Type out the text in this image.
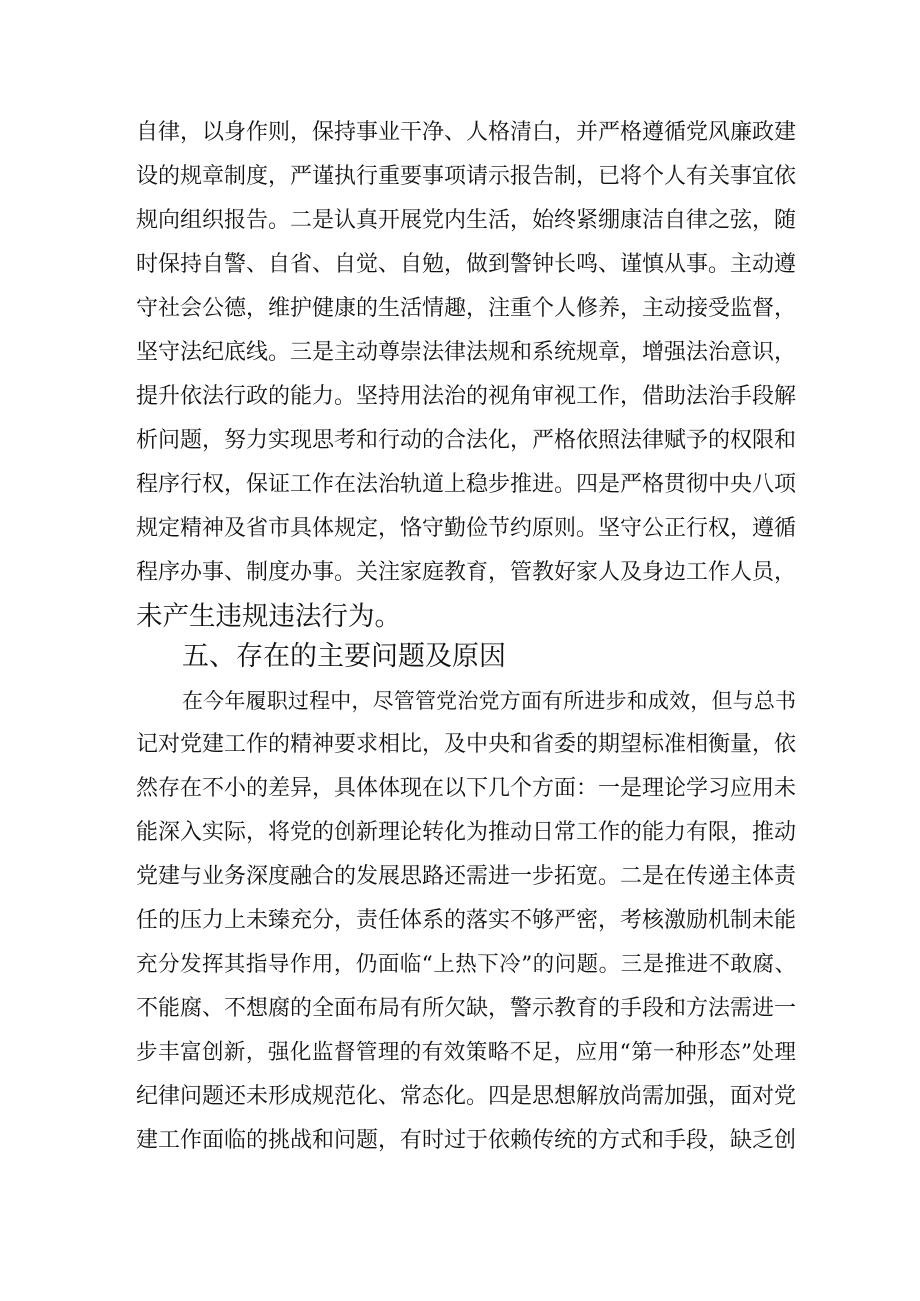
自律，以身作则，保持事业干净、人格清白，并严格遵循党风廉政建
设的规章制度，严谨执行重要事项请示报告制，已将个人有关事宜依
规向组织报告。二是认真开展党内生活，始终紧绷康洁自律之弦，随
时保持自警、自省、自觉、自勉，做到警钟长鸣、谨慎从事。主动遵
守社会公德，维护健康的生活情趣，注重个人修养，主动接受监督，
坚守法纪底线。三是主动尊崇法律法规和系统规章，增强法治意识，
提升依法行政的能力。坚持用法治的视角审视工作，借助法治手段解
析问题，努力实现思考和行动的合法化，严格依照法律赋予的权限和
程序行权，保证工作在法治轨道上稳步推进。四是严格贯彻中央八项
规定精神及省市具体规定，恪守勤俭节约原则。坚守公正行权，遵循
程序办事、制度办事。关注家庭教育，管教好家人及身边工作人员，
未产生违规违法行为。
五、存在的主要问题及原因
在今年履职过程中，尽管管党治党方面有所进步和成效，但与总书
记对党建工作的精神要求相比，及中央和省委的期望标准相衡量，依
然存在不小的差异，具体体现在以下几个方面：一是理论学习应用未
能深入实际，将党的创新理论转化为推动日常工作的能力有限，推动
党建与业务深度融合的发展思路还需进一步拓宽。二是在传递主体责
任的压力上未臻充分，责任体系的落实不够严密，考核激励机制未能
充分发挥其指导作用，仍面临“上热下冷”的问题。三是推进不敢腐、
不能腐、不想腐的全面布局有所欠缺，警示教育的手段和方法需进一
步丰富创新，强化监督管理的有效策略不足，应用“第一种形态”处理
纪律问题还未形成规范化、常态化。四是思想解放尚需加强，面对党
建工作面临的挑战和问题，有时过于依赖传统的方式和手段，缺乏创
